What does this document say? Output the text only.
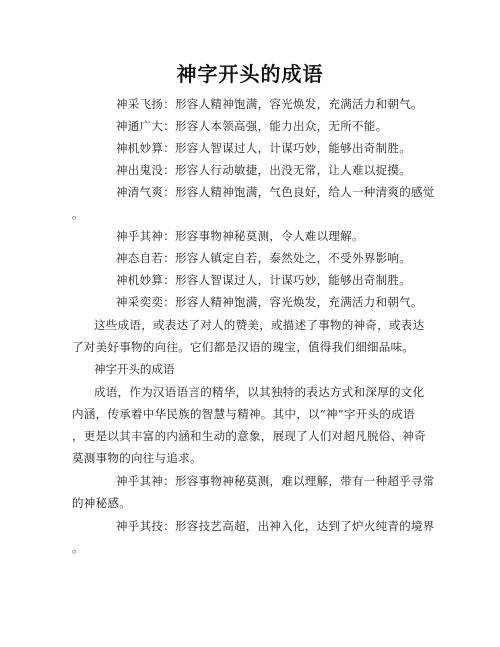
神字开头的成语
神采飞扬：形容人精神饱满，容光焕发，充满活力和朝气。
神通广大：形容人本领高强，能力出众，无所不能。
神机妙算：形容人智谋过人，计谋巧妙，能够出奇制胜。
神出鬼没：形容人行动敏捷，出没无常，让人难以捉摸。
神清气爽：形容人精神饱满，气色良好，给人一种清爽的感觉
。
神乎其神：形容事物神秘莫测，令人难以理解。
神态自若：形容人镇定自若，泰然处之，不受外界影响。
神机妙算：形容人智谋过人，计谋巧妙，能够出奇制胜。
神采奕奕：形容人精神饱满，容光焕发，充满活力和朝气。
这些成语，或表达了对人的赞美，或描述了事物的神奇，或表达
了对美好事物的向往。它们都是汉语的瑰宝，值得我们细细品味。
神字开头的成语
成语，作为汉语语言的精华，以其独特的表达方式和深厚的文化
内涵，传承着中华民族的智慧与精神。其中，以“神”字开头的成语
，更是以其丰富的内涵和生动的意象，展现了人们对超凡脱俗、神奇
莫测事物的向往与追求。
神乎其神：形容事物神秘莫测，难以理解，带有一种超乎寻常
的神秘感。
神乎其技：形容技艺高超，出神入化，达到了炉火纯青的境界
。
